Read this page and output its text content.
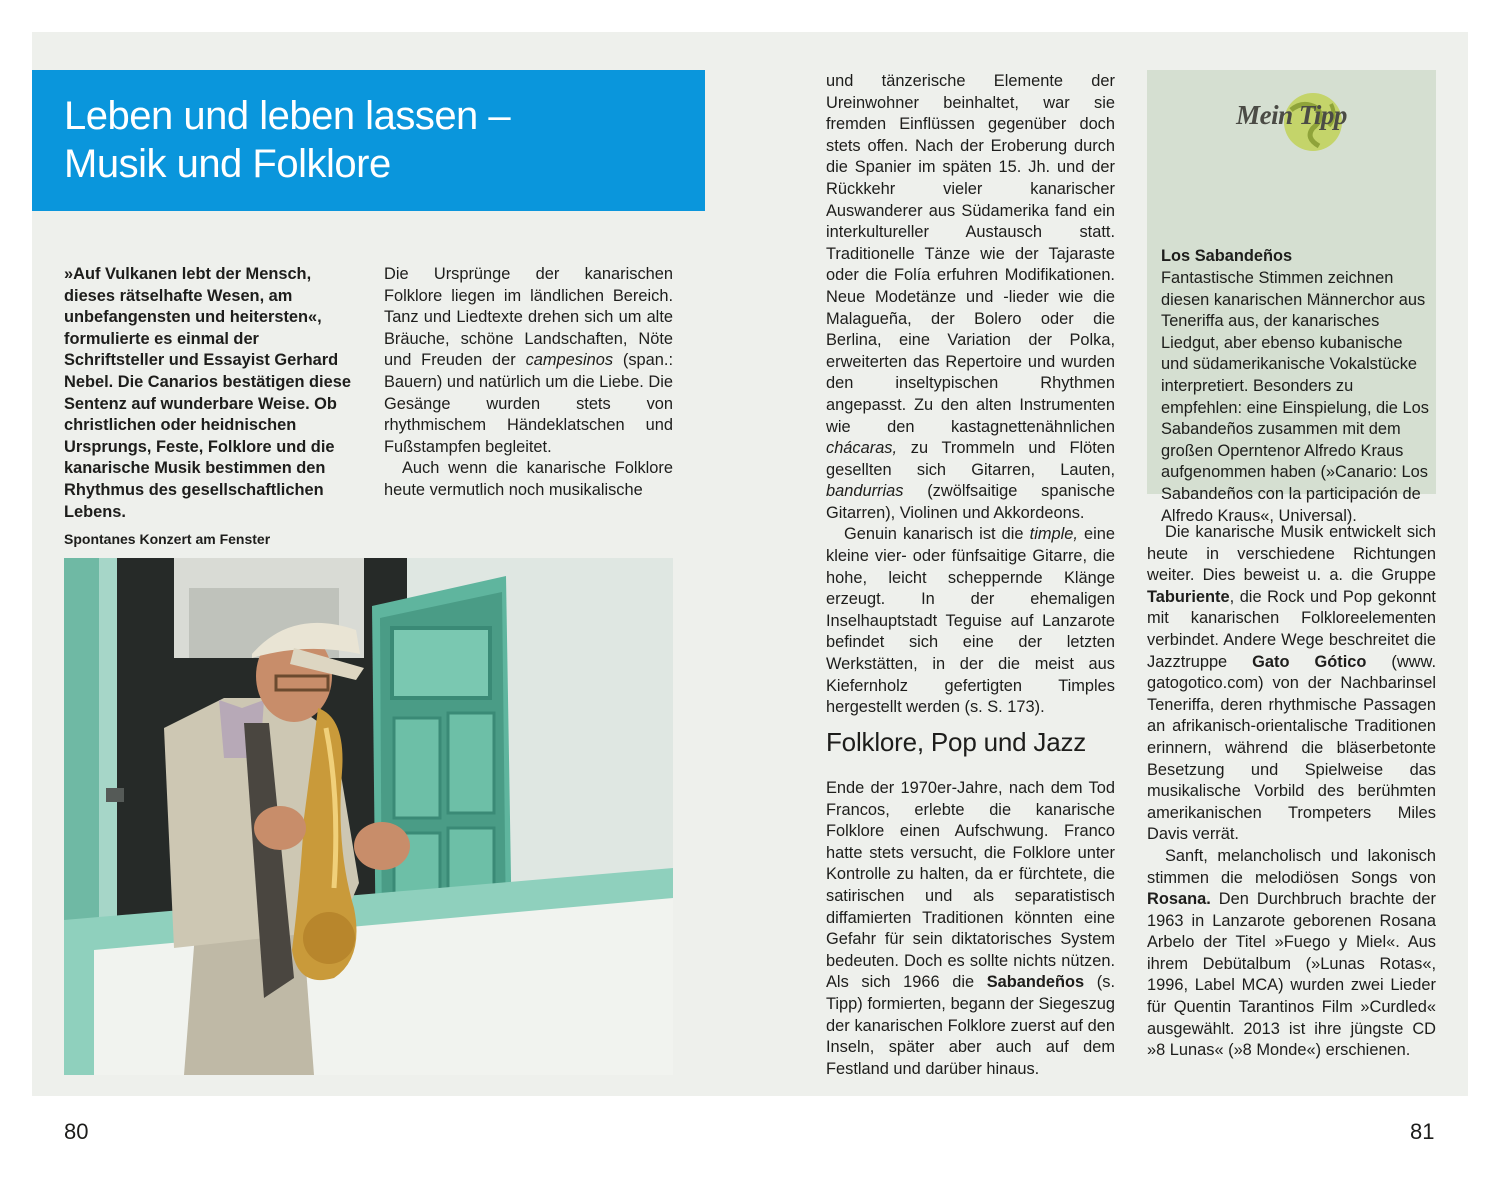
Leben und leben lassen –
Musik und Folklore

»Auf Vulkanen lebt der Mensch, dieses rätselhafte Wesen, am unbefangensten und heitersten«, formulierte es einmal der Schriftsteller und Essayist Gerhard Nebel. Die Canarios bestätigen diese Sentenz auf wunderbare Weise. Ob christlichen oder heidnischen Ursprungs, Feste, Folklore und die kanarische Musik bestimmen den Rhythmus des gesellschaftlichen Lebens.

Die Ursprünge der kanarischen Folklore liegen im ländlichen Bereich. Tanz und Liedtexte drehen sich um alte Bräuche, schöne Landschaften, Nöte und Freuden der campesinos (span.: Bauern) und natürlich um die Liebe. Die Gesänge wurden stets von rhythmischem Händeklatschen und Fußstampfen begleitet.

Auch wenn die kanarische Folklore heute vermutlich noch musikalische

Spontanes Konzert am Fenster

und tänzerische Elemente der Ureinwohner beinhaltet, war sie fremden Einflüssen gegenüber doch stets offen. Nach der Eroberung durch die Spanier im späten 15. Jh. und der Rückkehr vieler kanarischer Auswanderer aus Südamerika fand ein interkultureller Austausch statt. Traditionelle Tänze wie der Tajaraste oder die Folía erfuhren Modifikationen. Neue Modetänze und -lieder wie die Malagueña, der Bolero oder die Berlina, eine Variation der Polka, erweiterten das Repertoire und wurden den inseltypischen Rhythmen angepasst. Zu den alten Instrumenten wie den kastagnettenähnlichen chácaras, zu Trommeln und Flöten gesellten sich Gitarren, Lauten, bandurrias (zwölfsaitige spanische Gitarren), Violinen und Akkordeons.

Genuin kanarisch ist die timple, eine kleine vier- oder fünfsaitige Gitarre, die hohe, leicht scheppernde Klänge erzeugt. In der ehemaligen Inselhauptstadt Teguise auf Lanzarote befindet sich eine der letzten Werkstätten, in der die meist aus Kiefernholz gefertigten Timples hergestellt werden (s. S. 173).

Folklore, Pop und Jazz

Ende der 1970er-Jahre, nach dem Tod Francos, erlebte die kanarische Folklore einen Aufschwung. Franco hatte stets versucht, die Folklore unter Kontrolle zu halten, da er fürchtete, die satirischen und als separatistisch diffamierten Traditionen könnten eine Gefahr für sein diktatorisches System bedeuten. Doch es sollte nichts nützen. Als sich 1966 die Sabandeños (s. Tipp) formierten, begann der Siegeszug der kanarischen Folklore zuerst auf den Inseln, später aber auch auf dem Festland und darüber hinaus.

Mein Tipp
Los Sabandeños
Fantastische Stimmen zeichnen diesen kanarischen Männerchor aus Teneriffa aus, der kanarisches Liedgut, aber ebenso kubanische und südamerikanische Vokalstücke interpretiert. Besonders zu empfehlen: eine Einspielung, die Los Sabandeños zusammen mit dem großen Operntenor Alfredo Kraus aufgenommen haben (»Canario: Los Sabandeños con la participación de Alfredo Kraus«, Universal).

Die kanarische Musik entwickelt sich heute in verschiedene Richtungen weiter. Dies beweist u. a. die Gruppe Taburiente, die Rock und Pop gekonnt mit kanarischen Folkloreelementen verbindet. Andere Wege beschreitet die Jazztruppe Gato Gótico (www. gatogotico.com) von der Nachbarinsel Teneriffa, deren rhythmische Passagen an afrikanisch-orientalische Traditionen erinnern, während die bläserbetonte Besetzung und Spielweise das musikalische Vorbild des berühmten amerikanischen Trompeters Miles Davis verrät.

Sanft, melancholisch und lakonisch stimmen die melodiösen Songs von Rosana. Den Durchbruch brachte der 1963 in Lanzarote geborenen Rosana Arbelo der Titel »Fuego y Miel«. Aus ihrem Debütalbum (»Lunas Rotas«, 1996, Label MCA) wurden zwei Lieder für Quentin Tarantinos Film »Curdled« ausgewählt. 2013 ist ihre jüngste CD »8 Lunas« (»8 Monde«) erschienen.

80	81
